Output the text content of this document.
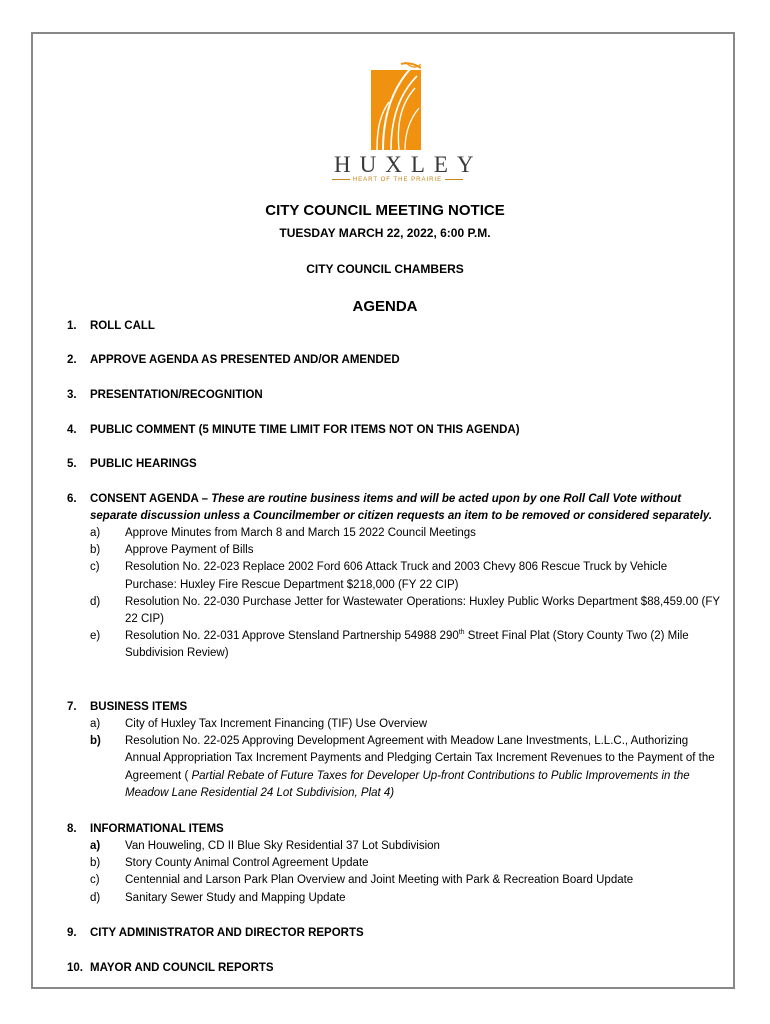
HUXLEY
HEART OF THE PRAIRIE
CITY COUNCIL MEETING NOTICE
TUESDAY MARCH 22, 2022, 6:00 P.M.
CITY COUNCIL CHAMBERS
AGENDA
1.	ROLL CALL
2.	APPROVE AGENDA AS PRESENTED AND/OR AMENDED
3.	PRESENTATION/RECOGNITION
4.	PUBLIC COMMENT (5 MINUTE TIME LIMIT FOR ITEMS NOT ON THIS AGENDA)
5.	PUBLIC HEARINGS
6.	CONSENT AGENDA – These are routine business items and will be acted upon by one Roll Call Vote without separate discussion unless a Councilmember or citizen requests an item to be removed or considered separately.
a)	Approve Minutes from March 8 and March 15 2022 Council Meetings
b)	Approve Payment of Bills
c)	Resolution No. 22-023 Replace 2002 Ford 606 Attack Truck and 2003 Chevy 806 Rescue Truck by Vehicle Purchase: Huxley Fire Rescue Department $218,000 (FY 22 CIP)
d)	Resolution No. 22-030 Purchase Jetter for Wastewater Operations: Huxley Public Works Department $88,459.00 (FY 22 CIP)
e)	Resolution No. 22-031 Approve Stensland Partnership 54988 290th Street Final Plat (Story County Two (2) Mile Subdivision Review)
7.	BUSINESS ITEMS
a)	City of Huxley Tax Increment Financing (TIF) Use Overview
b)	Resolution No. 22-025 Approving Development Agreement with Meadow Lane Investments, L.L.C., Authorizing Annual Appropriation Tax Increment Payments and Pledging Certain Tax Increment Revenues to the Payment of the Agreement ( Partial Rebate of Future Taxes for Developer Up-front Contributions to Public Improvements in the Meadow Lane Residential 24 Lot Subdivision, Plat 4)
8.	INFORMATIONAL ITEMS
a)	Van Houweling, CD II Blue Sky Residential 37 Lot Subdivision
b)	Story County Animal Control Agreement Update
c)	Centennial and Larson Park Plan Overview and Joint Meeting with Park & Recreation Board Update
d)	Sanitary Sewer Study and Mapping Update
9.	CITY ADMINISTRATOR AND DIRECTOR REPORTS
10. MAYOR AND COUNCIL REPORTS
